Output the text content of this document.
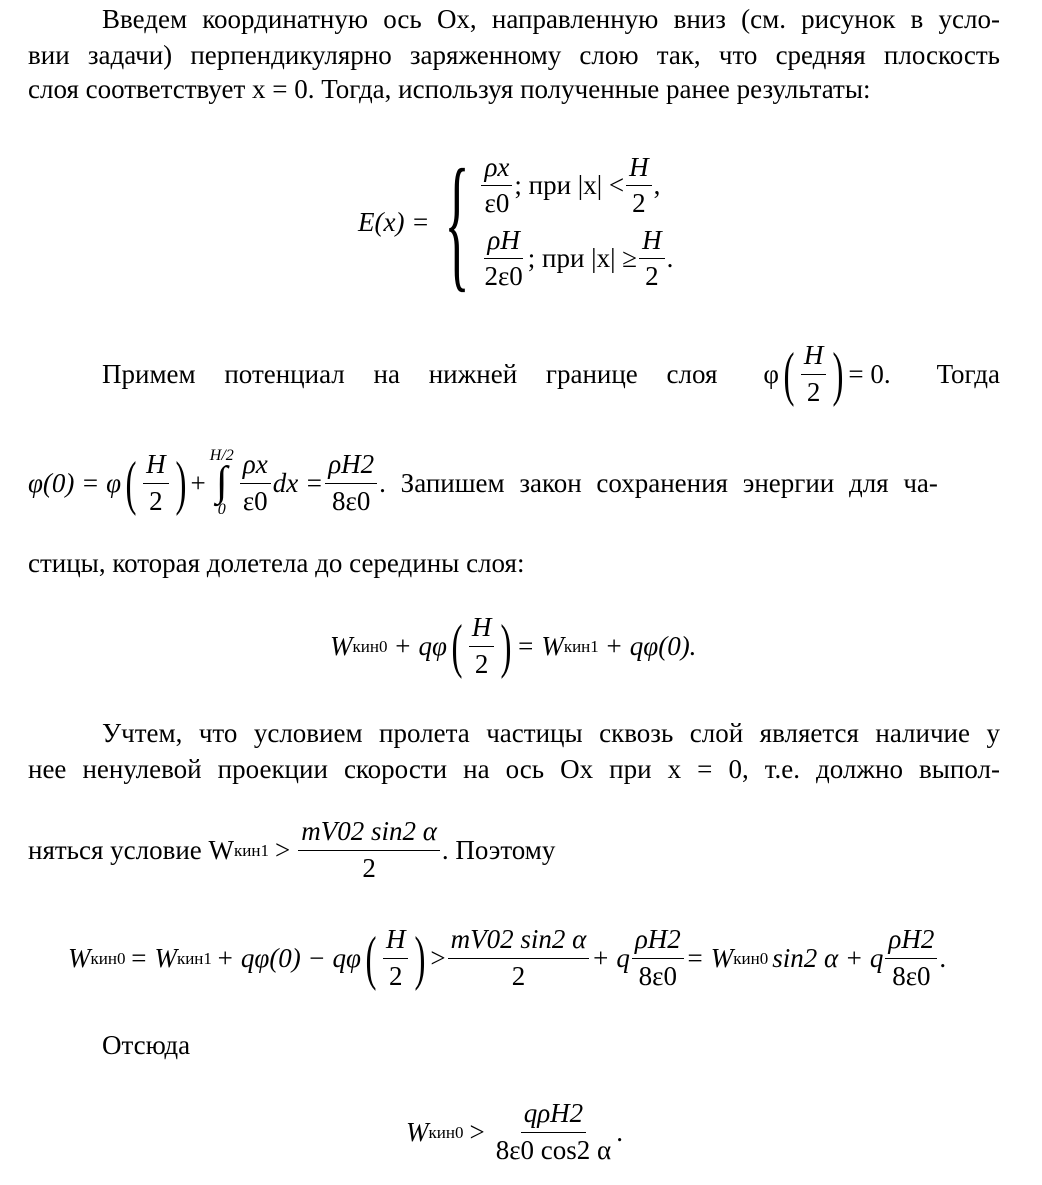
Введем координатную ось Ox, направленную вниз (см. рисунок в усло-
вии задачи) перпендикулярно заряженному слою так, что средняя плоскость
слоя соответствует x = 0. Тогда, используя полученные ранее результаты:
E(x) = { $\frac{\rho x}{\varepsilon 0}$ ; при $|x| < \frac{H}{2}$ ,
$\frac{\rho H}{2\varepsilon 0}$ ; при $|x| \ge \frac{H}{2}$ .
Примем потенциал на нижней границе слоя φ ( $\frac{H}{2}$ ) = 0. Тогда
φ(0) = φ ( $\frac{H}{2}$ ) +
H/2
∫
$0 \frac{\rho x}{\varepsilon 0}$ dx = $\frac{\rho H2}{8\varepsilon 0}$ . Запишем закон сохранения энергии для ча-
стицы, которая долетела до середины слоя:
W кин0 + qφ ( $\frac{H}{2}$ ) = W кин1 + qφ(0).
Учтем, что условием пролета частицы сквозь слой является наличие у
нее ненулевой проекции скорости на ось Ox при x = 0, т.е. должно выпол-
няться условие W $кин1 > \frac{mV02 \sin 2 \alpha}{2}$ . Поэтому
W кин0 = W кин1 + qφ(0) − qφ ( $\frac{H}{2}$ ) > $\frac{mV02 \sin 2 \alpha}{2} + q \frac{\rho H2}{8\varepsilon 0} = W$ кин0 sin2 α + q $\frac{\rho H2}{8\varepsilon 0}$ .
Отсюда
W $кин0 > \frac{\text{qρH2}}{8\varepsilon 0 \cos 2 \alpha}$ .
